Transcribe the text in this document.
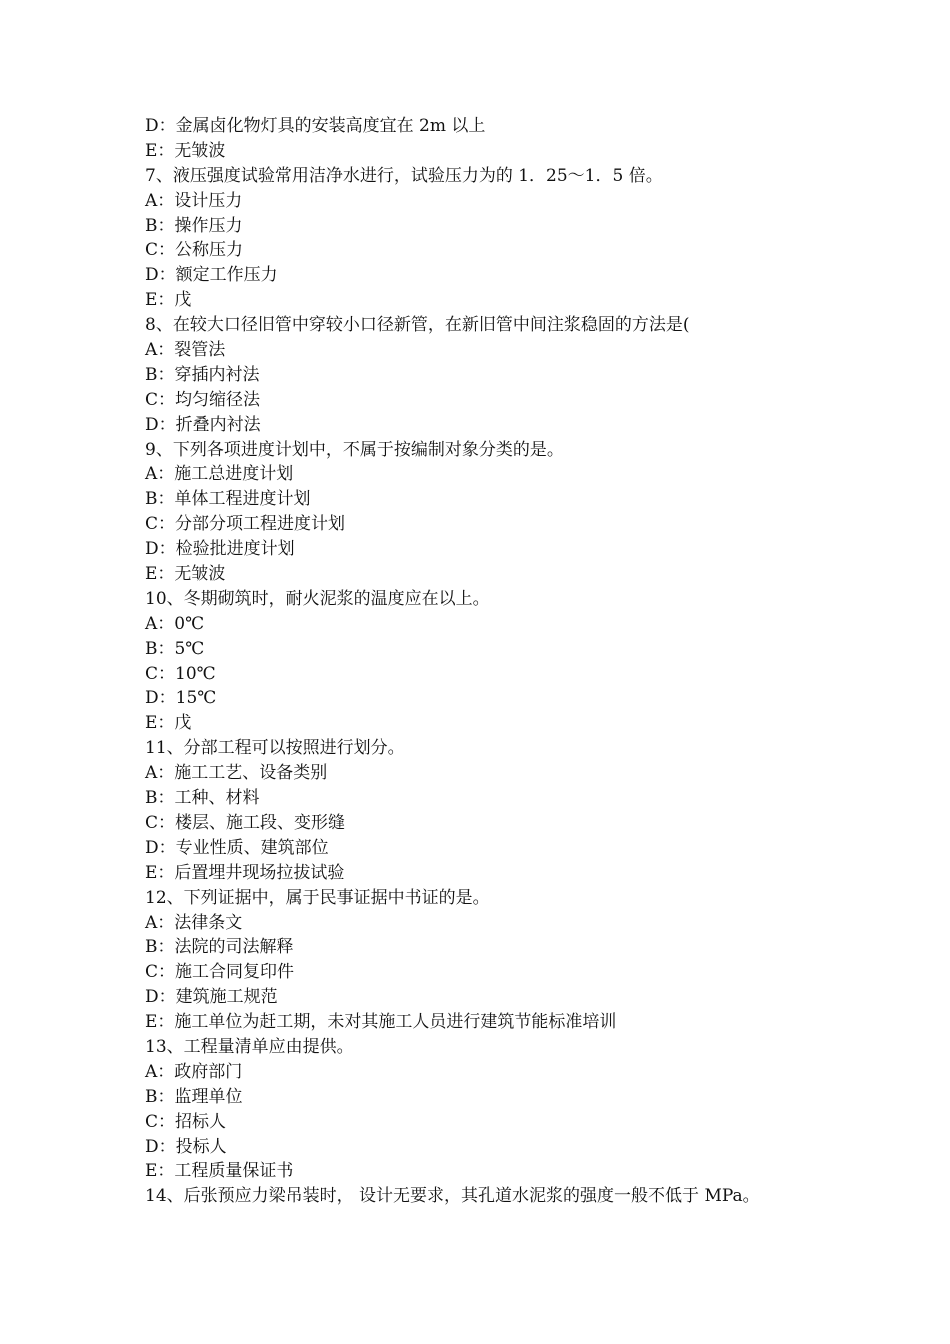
D：金属卤化物灯具的安装高度宜在 2m 以上
E：无皱波
7、液压强度试验常用洁净水进行，试验压力为的 1．25～1．5 倍。
A：设计压力
B：操作压力
C：公称压力
D：额定工作压力
E：戊
8、在较大口径旧管中穿较小口径新管，在新旧管中间注浆稳固的方法是(
A：裂管法
B：穿插内衬法
C：均匀缩径法
D：折叠内衬法
9、下列各项进度计划中，不属于按编制对象分类的是。
A：施工总进度计划
B：单体工程进度计划
C：分部分项工程进度计划
D：检验批进度计划
E：无皱波
10、冬期砌筑时，耐火泥浆的温度应在以上。
A：0℃
B：5℃
C：10℃
D：15℃
E：戊
11、分部工程可以按照进行划分。
A：施工工艺、设备类别
B：工种、材料
C：楼层、施工段、变形缝
D：专业性质、建筑部位
E：后置埋井现场拉拔试验
12、下列证据中，属于民事证据中书证的是。
A：法律条文
B：法院的司法解释
C：施工合同复印件
D：建筑施工规范
E：施工单位为赶工期，未对其施工人员进行建筑节能标准培训
13、工程量清单应由提供。
A：政府部门
B：监理单位
C：招标人
D：投标人
E：工程质量保证书
14、后张预应力梁吊装时， 设计无要求，其孔道水泥浆的强度一般不低于 MPa。
